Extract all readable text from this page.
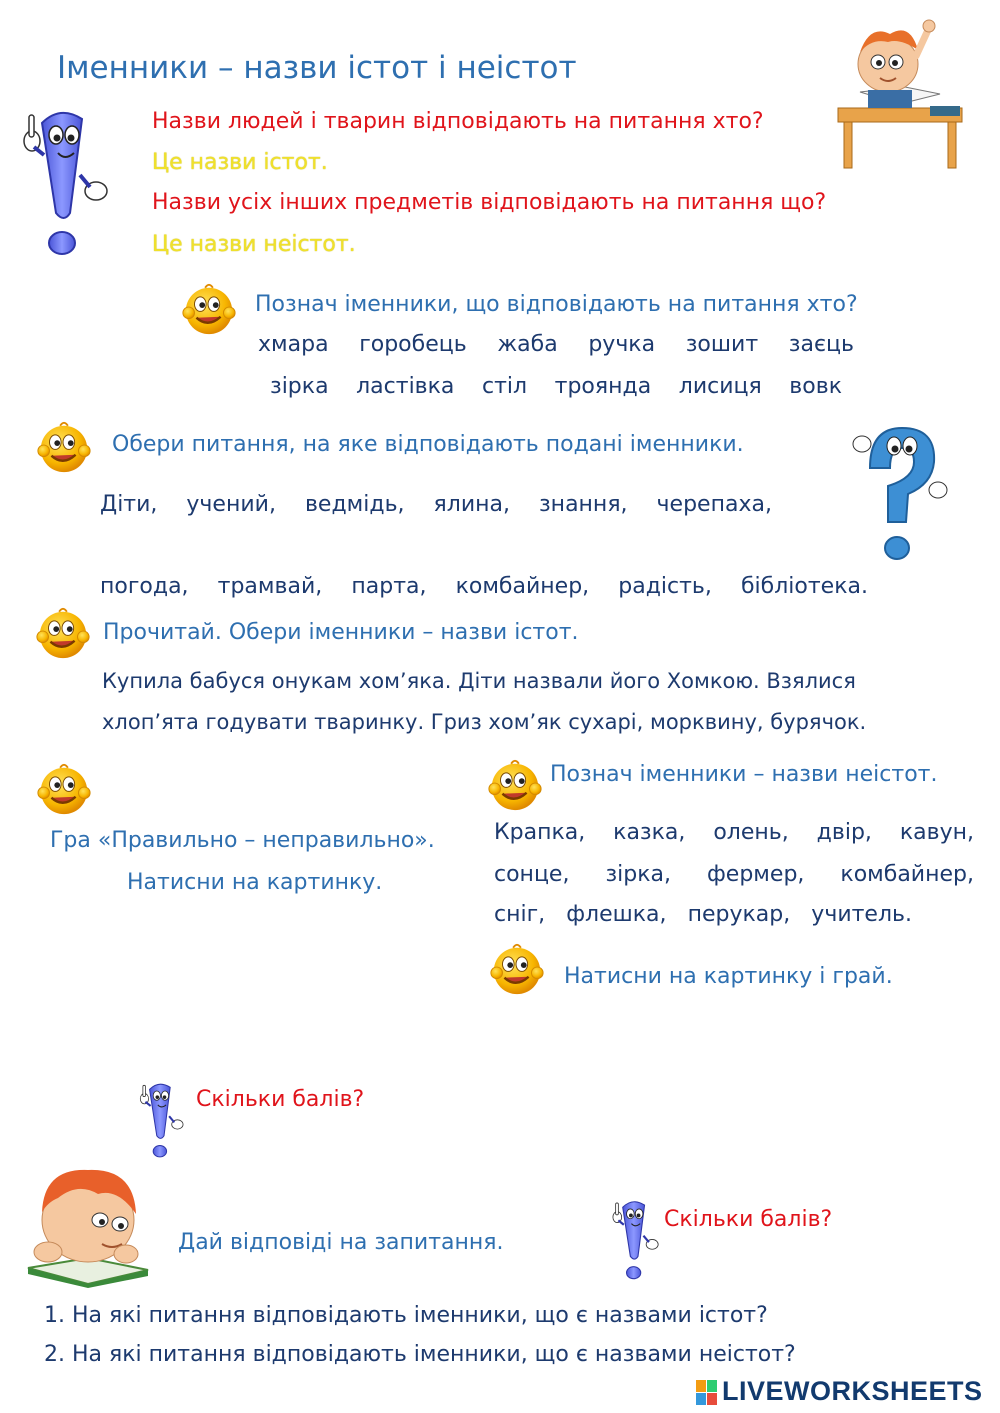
Іменники – назви істот і неістот
Назви людей і тварин відповідають на питання хто?
Це назви істот.
Назви усіх інших предметів відповідають на питання що?
Це назви неістот.
Познач іменники, що відповідають на питання хто?
хмара горобець жаба ручка зошит заєць
зірка ластівка стіл троянда лисиця вовк
Обери питання, на яке відповідають подані іменники.
Діти, учений, ведмідь, ялина, знання, черепаха,
погода, трамвай, парта, комбайнер, радість, бібліотека.
Прочитай. Обери іменники – назви істот.
Купила бабуся онукам хом’яка. Діти назвали його Хомкою. Взялися
хлоп’ята годувати тваринку. Гриз хом’як сухарі, морквину, бурячок.
Гра «Правильно – неправильно».
Натисни на картинку.
Познач іменники – назви неістот.
Крапка, казка, олень, двір, кавун,
сонце, зірка, фермер, комбайнер,
сніг, флешка, перукар, учитель.
Натисни на картинку і грай.
Скільки балів?
Дай відповіді на запитання.
Скільки балів?
1. На які питання відповідають іменники, що є назвами істот?
2. На які питання відповідають іменники, що є назвами неістот?
LIVEWORKSHEETS
